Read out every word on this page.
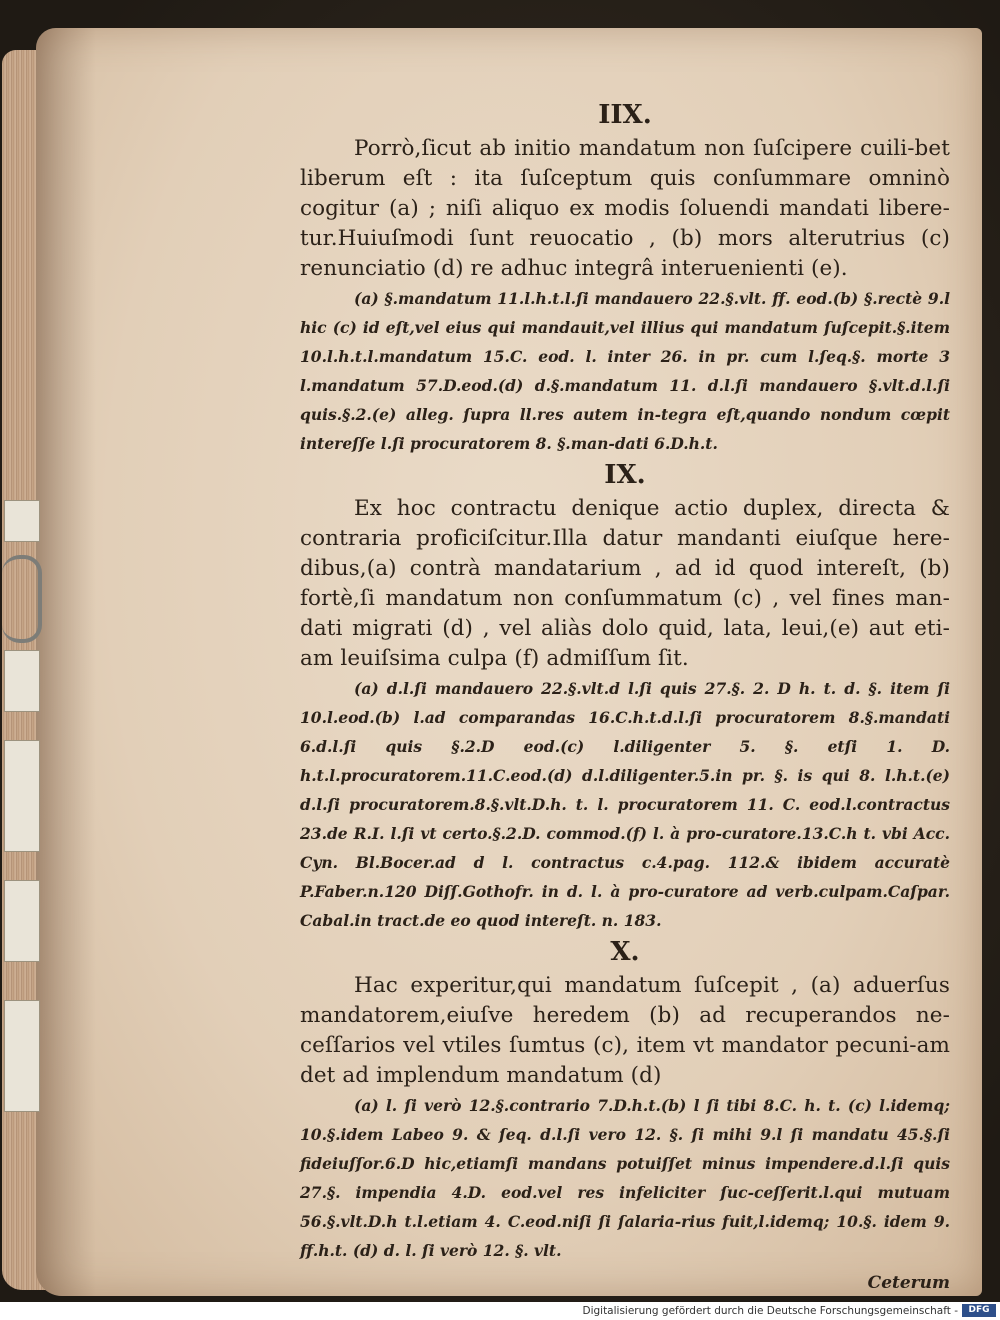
IIX.

Porrò,ſicut ab initio mandatum non ſuſcipere cuili-bet liberum eſt : ita ſuſceptum quis conſummare omninò cogitur (a) ; niſi aliquo ex modis ſoluendi mandati libere-tur.Huiuſmodi ſunt reuocatio , (b) mors alterutrius (c) renunciatio (d) re adhuc integrâ interuenienti (e).

(a) §.mandatum 11.l.h.t.l.ſi mandauero 22.§.vlt. ff. eod.(b) §.rectè 9.l hic (c) id eſt,vel eius qui mandauit,vel illius qui mandatum ſuſcepit.§.item 10.l.h.t.l.mandatum 15.C. eod. l. inter 26. in pr. cum l.ſeq.§. morte 3 l.mandatum 57.D.eod.(d) d.§.mandatum 11. d.l.ſi mandauero §.vlt.d.l.ſi quis.§.2.(e) alleg. ſupra ll.res autem in-tegra eſt,quando nondum cœpit intereſſe l.ſi procuratorem 8. §.man-dati 6.D.h.t.

IX.

Ex hoc contractu denique actio duplex, directa & contraria proficiſcitur.Illa datur mandanti eiuſque here-dibus,(a) contrà mandatarium , ad id quod intereſt, (b) fortè,ſi mandatum non conſummatum (c) , vel fines man-dati migrati (d) , vel aliàs dolo quid, lata, leui,(e) aut eti-am leuiſsima culpa (f) admiſſum ſit.

(a) d.l.ſi mandauero 22.§.vlt.d l.ſi quis 27.§. 2. D h. t. d. §. item ſi 10.l.eod.(b) l.ad comparandas 16.C.h.t.d.l.ſi procuratorem 8.§.mandati 6.d.l.ſi quis §.2.D eod.(c) l.diligenter 5. §. etſi 1. D. h.t.l.procuratorem.11.C.eod.(d) d.l.diligenter.5.in pr. §. is qui 8. l.h.t.(e) d.l.ſi procuratorem.8.§.vlt.D.h. t. l. procuratorem 11. C. eod.l.contractus 23.de R.I. l.ſi vt certo.§.2.D. commod.(f) l. à pro-curatore.13.C.h t. vbi Acc. Cyn. Bl.Bocer.ad d l. contractus c.4.pag. 112.& ibidem accuratè P.Faber.n.120 Diſſ.Gothofr. in d. l. à pro-curatore ad verb.culpam.Caſpar. Cabal.in tract.de eo quod intereſt. n. 183.

X.

Hac experitur,qui mandatum ſuſcepit , (a) aduerſus mandatorem,eiuſve heredem (b) ad recuperandos ne-ceſſarios vel vtiles ſumtus (c), item vt mandator pecuni-am det ad implendum mandatum (d)

(a) l. ſi verò 12.§.contrario 7.D.h.t.(b) l ſi tibi 8.C. h. t. (c) l.idemq; 10.§.idem Labeo 9. & ſeq. d.l.ſi vero 12. §. ſi mihi 9.l ſi mandatu 45.§.ſi fideiuſſor.6.D hic,etiamſi mandans potuiſſet minus impendere.d.l.ſi quis 27.§. impendia 4.D. eod.vel res infeliciter ſuc-ceſſerit.l.qui mutuam 56.§.vlt.D.h t.l.etiam 4. C.eod.niſi ſi ſalaria-rius fuit,l.idemq; 10.§. idem 9. ff.h.t. (d) d. l. ſi verò 12. §. vlt.

Ceterum
Digitalisierung gefördert durch die Deutsche Forschungsgemeinschaft -	DFG
